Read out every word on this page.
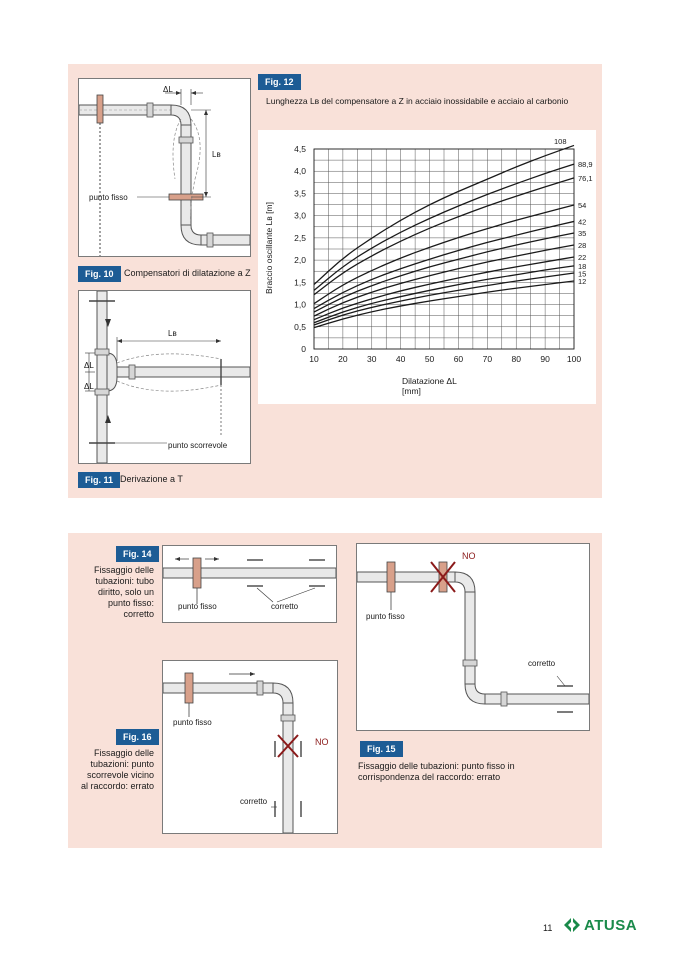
ΔL
Lʙ
punto fisso
Fig. 10	Compensatori di dilatazione a Z
Lʙ
ΔL
ΔL
punto scorrevole
Fig. 11 Derivazione a T
Fig. 12
Lunghezza Lʙ del compensatore a Z in acciaio inossidabile e acciaio al carbonio
10 20 30 40 50 60 70 80 90 100
0
0,5
1,0
1,5
2,0
2,5
3,0
3,5
4,0
4,5
108
88,9
76,1
54
42
35
28
22
18
15
12
Braccio oscillante Lʙ [m]
Dilatazione ΔL
[mm]
Fig. 14
Fissaggio delle tubazioni: tubo diritto, solo un punto fisso: corretto
punto fisso	corretto
NO
punto fisso
corretto
Fig. 15
Fissaggio delle tubazioni: punto fisso in corrispondenza del raccordo: errato
punto fisso
NO
corretto
Fig. 16
Fissaggio delle tubazioni: punto scorrevole vicino al raccordo: errato
11 ATUSA
